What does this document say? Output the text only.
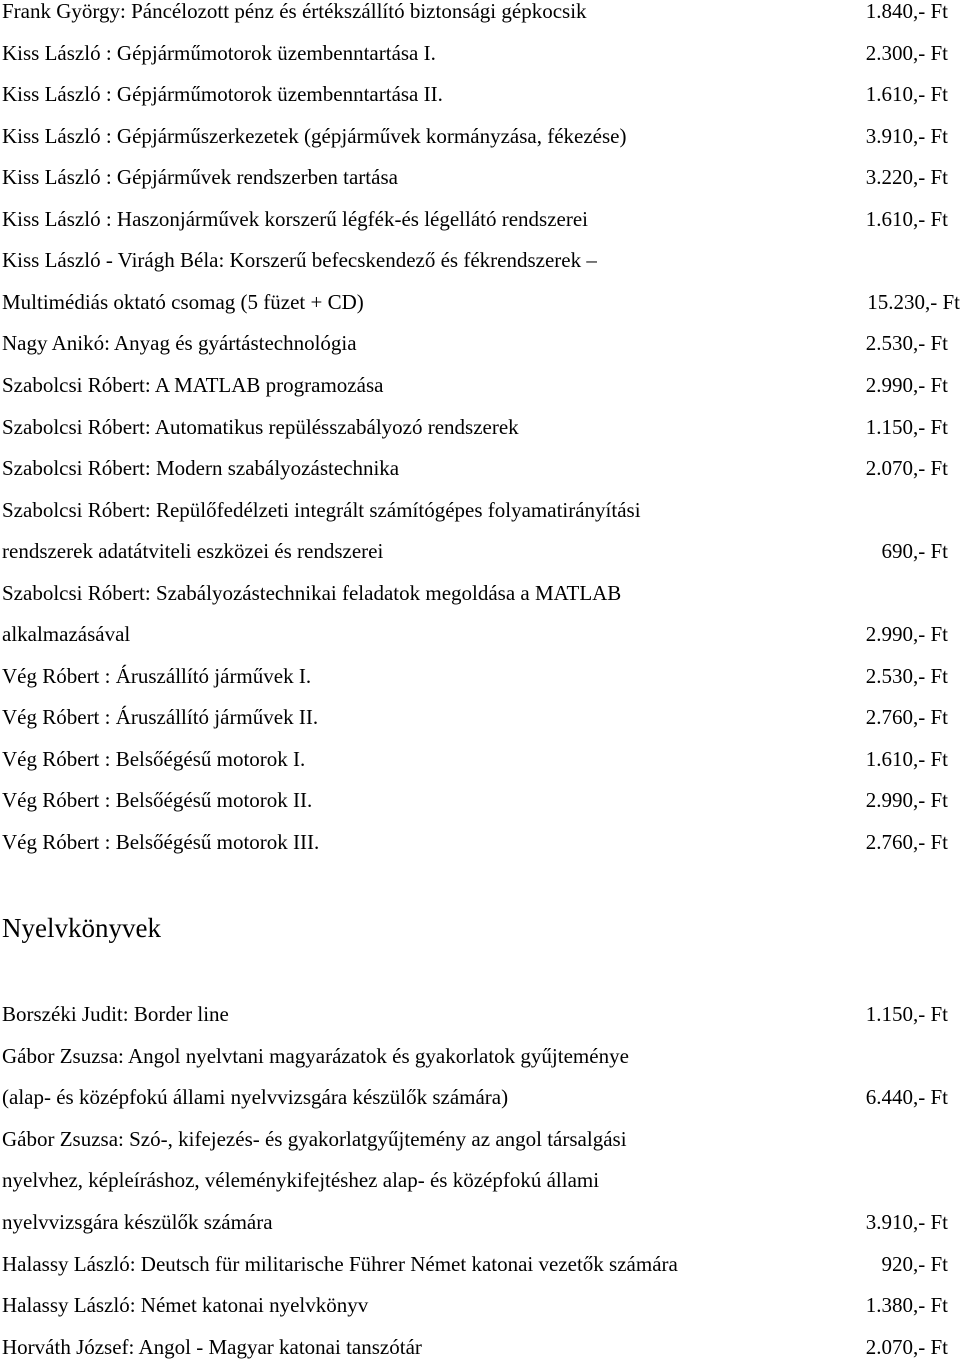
Frank György: Páncélozott pénz és értékszállító biztonsági gépkocsik	1.840,- Ft
Kiss László : Gépjárműmotorok üzembenntartása I.	2.300,- Ft
Kiss László : Gépjárműmotorok üzembenntartása II.	1.610,- Ft
Kiss László : Gépjárműszerkezetek (gépjárművek kormányzása, fékezése)	3.910,- Ft
Kiss László : Gépjárművek rendszerben tartása	3.220,- Ft
Kiss László : Haszonjárművek korszerű légfék-és légellátó rendszerei	1.610,- Ft
Kiss László - Virágh Béla: Korszerű befecskendező és fékrendszerek –
Multimédiás oktató csomag (5 füzet + CD)	15.230,- Ft
Nagy Anikó: Anyag és gyártástechnológia	2.530,- Ft
Szabolcsi Róbert: A MATLAB programozása	2.990,- Ft
Szabolcsi Róbert: Automatikus repülésszabályozó rendszerek	1.150,- Ft
Szabolcsi Róbert: Modern szabályozástechnika	2.070,- Ft
Szabolcsi Róbert: Repülőfedélzeti integrált számítógépes folyamatirányítási
rendszerek adatátviteli eszközei és rendszerei	690,- Ft
Szabolcsi Róbert: Szabályozástechnikai feladatok megoldása a MATLAB
alkalmazásával	2.990,- Ft
Vég Róbert : Áruszállító járművek I.	2.530,- Ft
Vég Róbert : Áruszállító járművek II.	2.760,- Ft
Vég Róbert : Belsőégésű motorok I.	1.610,- Ft
Vég Róbert : Belsőégésű motorok II.	2.990,- Ft
Vég Róbert : Belsőégésű motorok III.	2.760,- Ft
Nyelvkönyvek
Borszéki Judit: Border line	1.150,- Ft
Gábor Zsuzsa: Angol nyelvtani magyarázatok és gyakorlatok gyűjteménye
(alap- és középfokú állami nyelvvizsgára készülők számára)	6.440,- Ft
Gábor Zsuzsa: Szó-, kifejezés- és gyakorlatgyűjtemény az angol társalgási
nyelvhez, képleíráshoz, véleménykifejtéshez alap- és középfokú állami
nyelvvizsgára készülők számára	3.910,- Ft
Halassy László: Deutsch für militarische Führer Német katonai vezetők számára	920,- Ft
Halassy László: Német katonai nyelvkönyv	1.380,- Ft
Horváth József: Angol - Magyar katonai tanszótár	2.070,- Ft
